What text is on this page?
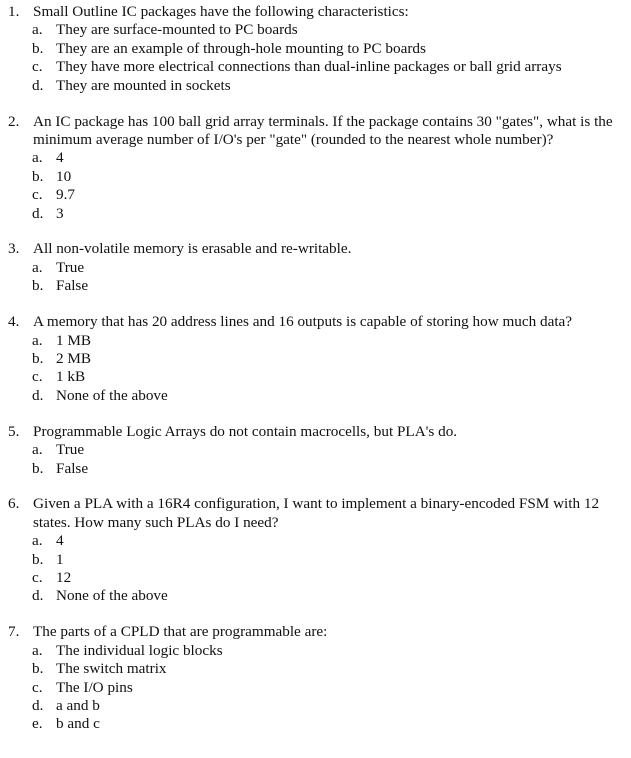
1. Small Outline IC packages have the following characteristics:
a. They are surface-mounted to PC boards
b. They are an example of through-hole mounting to PC boards
c. They have more electrical connections than dual-inline packages or ball grid arrays
d. They are mounted in sockets
2. An IC package has 100 ball grid array terminals. If the package contains 30 "gates", what is the minimum average number of I/O's per "gate" (rounded to the nearest whole number)?
a. 4
b. 10
c. 9.7
d. 3
3. All non-volatile memory is erasable and re-writable.
a. True
b. False
4. A memory that has 20 address lines and 16 outputs is capable of storing how much data?
a. 1 MB
b. 2 MB
c. 1 kB
d. None of the above
5. Programmable Logic Arrays do not contain macrocells, but PLA's do.
a. True
b. False
6. Given a PLA with a 16R4 configuration, I want to implement a binary-encoded FSM with 12 states. How many such PLAs do I need?
a. 4
b. 1
c. 12
d. None of the above
7. The parts of a CPLD that are programmable are:
a. The individual logic blocks
b. The switch matrix
c. The I/O pins
d. a and b
e. b and c
